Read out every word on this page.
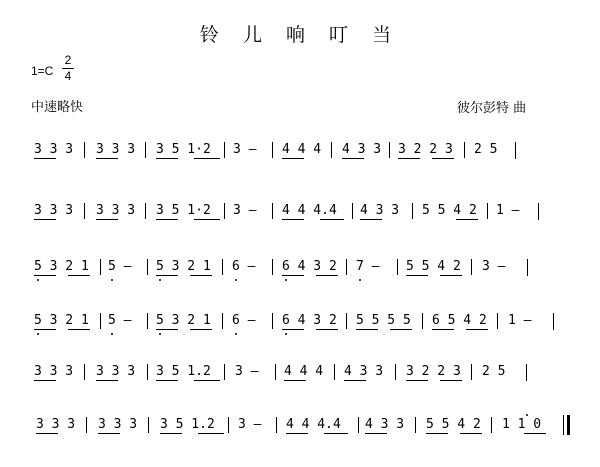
铃 儿 响 叮 当
1=C
2
4
中速略快	彼尔彭特 曲
3 3 3 3 3 3 3 5 1·2 3 – 4 4 4 4 3 3 3 2 2 3 2 5
3 3 3 3 3 3 3 5 1·2 3 – 4 4 4.4 4 3 3 5 5 4 2 1 –
5 3 2 1 5 – 5 3 2 1 6 – 6 4 3 2 7 – 5 5 4 2 3 –
5 3 2 1 5 – 5 3 2 1 6 – 6 4 3 2 5 5 5 5 6 5 4 2 1 –
3 3 3 3 3 3 3 5 1.2 3 – 4 4 4 4 3 3 3 2 2 3 2 5
3 3 3 3 3 3 3 5 1.2 3 – 4 4 4.4 4 3 3 5 5 4 2 1 1 0
